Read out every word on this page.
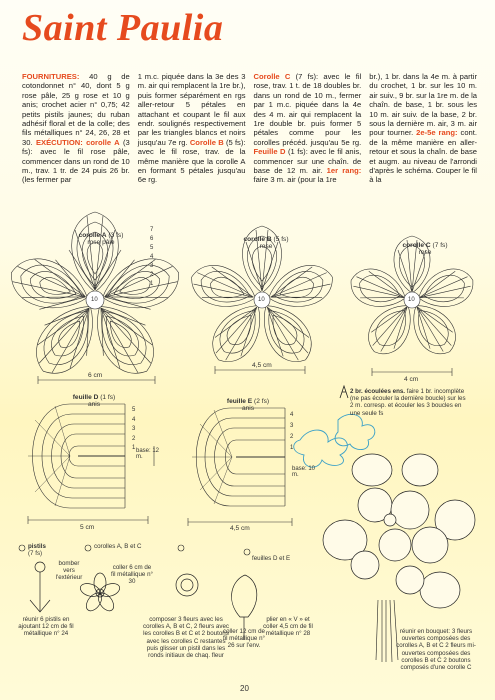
Saint Paulia
FOURNITURES: 40 g de cotondonnet n° 40, dont 5 g rose pâle, 25 g rose et 10 g anis; crochet acier n° 0,75; 42 petits pistils jaunes; du ruban adhésif floral et de la colle; des fils métalliques n° 24, 26, 28 et 30. EXÉCUTION: corolle A (3 fs): avec le fil rose pâle, commencer dans un rond de 10 m., trav. 1 tr. de 24 puis 26 br. (les fermer par
1 m.c. piquée dans la 3e des 3 m. air qui remplacent la 1re br.), puis former séparément en rgs aller-retour 5 pétales en attachant et coupant le fil aux endr. soulignés respectivement par les triangles blancs et noirs jusqu'au 7e rg. Corolle B (5 fs): avec le fil rose, trav. de la même manière que la corolle A en formant 5 pétales jusqu'au 6e rg.
Corolle C (7 fs): avec le fil rose, trav. 1 t. de 18 doubles br. dans un rond de 10 m., fermer par 1 m.c. piquée dans la 4e des 4 m. air qui remplacent la 1re double br. puis former 5 pétales comme pour les corolles précéd. jusqu'au 5e rg. Feuille D (1 fs): avec le fil anis, commencer sur une chaîn. de base de 12 m. air. 1er rang: faire 3 m. air (pour la 1re
br.), 1 br. dans la 4e m. à partir du crochet, 1 br. sur les 10 m. air suiv., 9 br. sur la 1re m. de la chaîn. de base, 1 br. sous les 10 m. air suiv. de la base, 2 br. sous la dernière m. air, 3 m. air pour tourner. 2e-5e rang: cont. de la même manière en aller-retour et sous la chaîn. de base et augm. au niveau de l'arrondi d'après le schéma. Couper le fil à la
corolle A (3 fs)
rose pâle
6 cm
corolle B (5 fs)
rose
4,5 cm
corolle C (7 fs)
rose
4 cm
10	10	10
7
6
5
4
3
2
1
feuille D (1 fs)
anis
5 cm
base: 12 m.
5
4
3
2
1
feuille E (2 fs)
anis
4,5 cm
base: 10 m.
4
3
2
1
2 br. écoulées ens. faire 1 br. incomplète (ne pas écouler la dernière boucle) sur les 2 m. corresp. et écouler les 3 boucles en une seule fs
pistils
(7 fs)
bomber vers l'extérieur
réunir 6 pistils en ajoutant 12 cm de fil métallique n° 24
corolles A, B et C
coller 6 cm de fil métallique n° 30
composer 3 fleurs avec les corolles A, B et C, 2 fleurs avec les corolles B et C et 2 boutons avec les corolles C restantes puis glisser un pistil dans les ronds initiaux de chaq. fleur
feuilles D et E
coller 12 cm de fil métallique n° 26 sur l'env.
plier en « V » et coller 4,5 cm de fil métallique n° 28	réunir en bouquet: 3 fleurs ouvertes composées des corolles A, B et C 2 fleurs mi-ouvertes composées des corolles B et C 2 boutons composés d'une corolle C
20
